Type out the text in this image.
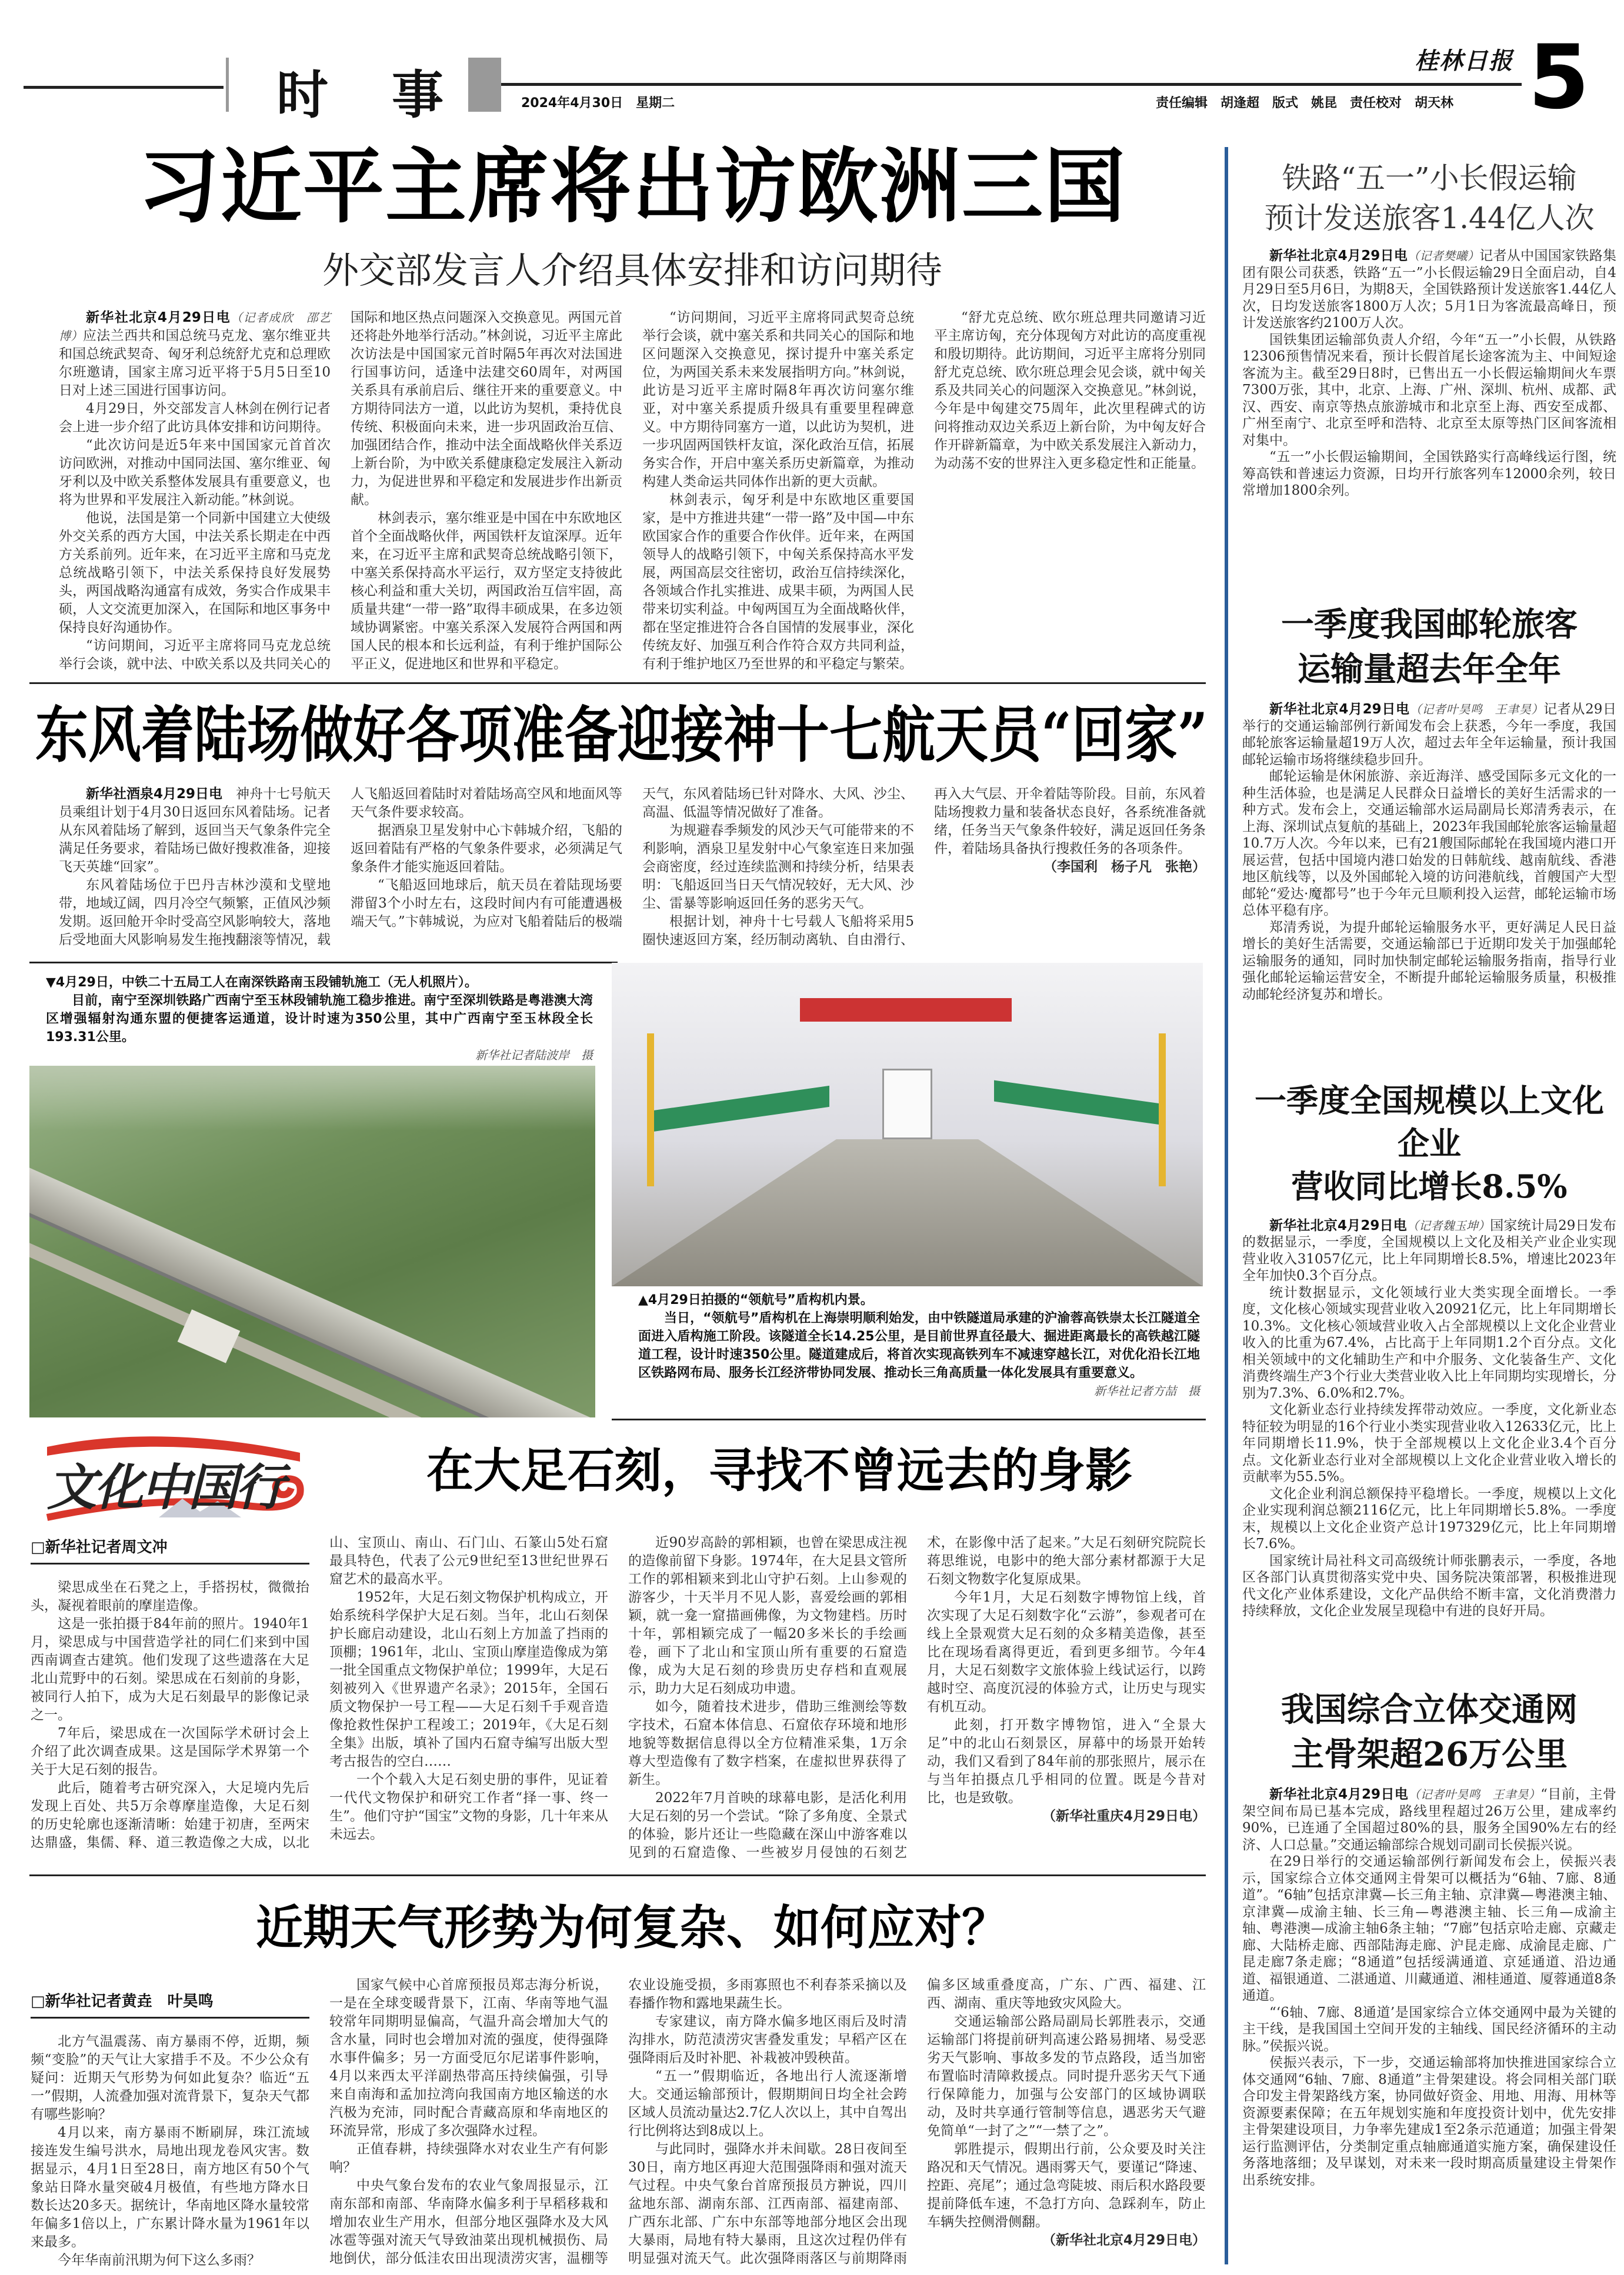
时　事	2024年4月30日　星期二	责任编辑　胡逢超　版式　姚昆　责任校对　胡天林
桂林日报 5
习近平主席将出访欧洲三国
外交部发言人介绍具体安排和访问期待

新华社北京4月29日电（记者成欣　邵艺博）应法兰西共和国总统马克龙、塞尔维亚共和国总统武契奇、匈牙利总统舒尤克和总理欧尔班邀请，国家主席习近平将于5月5日至10日对上述三国进行国事访问。

4月29日，外交部发言人林剑在例行记者会上进一步介绍了此访具体安排和访问期待。

“此次访问是近5年来中国国家元首首次访问欧洲，对推动中国同法国、塞尔维亚、匈牙利以及中欧关系整体发展具有重要意义，也将为世界和平发展注入新动能。”林剑说。

他说，法国是第一个同新中国建立大使级外交关系的西方大国，中法关系长期走在中西方关系前列。近年来，在习近平主席和马克龙总统战略引领下，中法关系保持良好发展势头，两国战略沟通富有成效，务实合作成果丰硕，人文交流更加深入，在国际和地区事务中保持良好沟通协作。

“访问期间，习近平主席将同马克龙总统举行会谈，就中法、中欧关系以及共同关心的国际和地区热点问题深入交换意见。两国元首还将赴外地举行活动。”林剑说，习近平主席此次访法是中国国家元首时隔5年再次对法国进行国事访问，适逢中法建交60周年，对两国关系具有承前启后、继往开来的重要意义。中方期待同法方一道，以此访为契机，秉持优良传统、积极面向未来，进一步巩固政治互信、加强团结合作，推动中法全面战略伙伴关系迈上新台阶，为中欧关系健康稳定发展注入新动力，为促进世界和平稳定和发展进步作出新贡献。

林剑表示，塞尔维亚是中国在中东欧地区首个全面战略伙伴，两国铁杆友谊深厚。近年来，在习近平主席和武契奇总统战略引领下，中塞关系保持高水平运行，双方坚定支持彼此核心利益和重大关切，两国政治互信牢固，高质量共建“一带一路”取得丰硕成果，在多边领域协调紧密。中塞关系深入发展符合两国和两国人民的根本和长远利益，有利于维护国际公平正义，促进地区和世界和平稳定。

“访问期间，习近平主席将同武契奇总统举行会谈，就中塞关系和共同关心的国际和地区问题深入交换意见，探讨提升中塞关系定位，为两国关系未来发展指明方向。”林剑说，此访是习近平主席时隔8年再次访问塞尔维亚，对中塞关系提质升级具有重要里程碑意义。中方期待同塞方一道，以此访为契机，进一步巩固两国铁杆友谊，深化政治互信，拓展务实合作，开启中塞关系历史新篇章，为推动构建人类命运共同体作出新的更大贡献。

林剑表示，匈牙利是中东欧地区重要国家，是中方推进共建“一带一路”及中国—中东欧国家合作的重要合作伙伴。近年来，在两国领导人的战略引领下，中匈关系保持高水平发展，两国高层交往密切，政治互信持续深化，各领域合作扎实推进、成果丰硕，为两国人民带来切实利益。中匈两国互为全面战略伙伴，都在坚定推进符合各自国情的发展事业，深化传统友好、加强互利合作符合双方共同利益，有利于维护地区乃至世界的和平稳定与繁荣。

“舒尤克总统、欧尔班总理共同邀请习近平主席访匈，充分体现匈方对此访的高度重视和殷切期待。此访期间，习近平主席将分别同舒尤克总统、欧尔班总理会见会谈，就中匈关系及共同关心的问题深入交换意见。”林剑说，今年是中匈建交75周年，此次里程碑式的访问将推动双边关系迈上新台阶，为中匈友好合作开辟新篇章，为中欧关系发展注入新动力，为动荡不安的世界注入更多稳定性和正能量。

东风着陆场做好各项准备迎接神十七航天员“回家”

新华社酒泉4月29日电　 神舟十七号航天员乘组计划于4月30日返回东风着陆场。记者从东风着陆场了解到，返回当天气象条件完全满足任务要求，着陆场已做好搜救准备，迎接飞天英雄“回家”。

东风着陆场位于巴丹吉林沙漠和戈壁地带，地域辽阔，四月冷空气频繁，正值风沙频发期。返回舱开伞时受高空风影响较大，落地后受地面大风影响易发生拖拽翻滚等情况，载人飞船返回着陆时对着陆场高空风和地面风等天气条件要求较高。

据酒泉卫星发射中心卞韩城介绍，飞船的返回着陆有严格的气象条件要求，必须满足气象条件才能实施返回着陆。

“飞船返回地球后，航天员在着陆现场要滞留3个小时左右，这段时间内有可能遭遇极端天气。”卞韩城说，为应对飞船着陆后的极端天气，东风着陆场已针对降水、大风、沙尘、高温、低温等情况做好了准备。

为规避春季频发的风沙天气可能带来的不利影响，酒泉卫星发射中心气象室连日来加强会商密度，经过连续监测和持续分析，结果表明：飞船返回当日天气情况较好，无大风、沙尘、雷暴等影响返回任务的恶劣天气。

根据计划，神舟十七号载人飞船将采用5圈快速返回方案，经历制动离轨、自由滑行、再入大气层、开伞着陆等阶段。目前，东风着陆场搜救力量和装备状态良好，各系统准备就绪，任务当天气象条件较好，满足返回任务条件，着陆场具备执行搜救任务的各项条件。

（李国利　杨子凡　张艳）

▼4月29日，中铁二十五局工人在南深铁路南玉段铺轨施工（无人机照片）。

目前，南宁至深圳铁路广西南宁至玉林段铺轨施工稳步推进。南宁至深圳铁路是粤港澳大湾区增强辐射沟通东盟的便捷客运通道，设计时速为350公里，其中广西南宁至玉林段全长193.31公里。

新华社记者陆波岸　摄

▲4月29日拍摄的“领航号”盾构机内景。

当日，“领航号”盾构机在上海崇明顺利始发，由中铁隧道局承建的沪渝蓉高铁崇太长江隧道全面进入盾构施工阶段。该隧道全长14.25公里，是目前世界直径最大、掘进距离最长的高铁越江隧道工程，设计时速350公里。隧道建成后，将首次实现高铁列车不减速穿越长江，对优化沿长江地区铁路网布局、服务长江经济带协同发展、推动长三角高质量一体化发展具有重要意义。

新华社记者方喆　摄
文化中国行	在大足石刻，寻找不曾远去的身影
□新华社记者周文冲

梁思成坐在石凳之上，手搭拐杖，微微抬头，凝视着眼前的摩崖造像。

这是一张拍摄于84年前的照片。1940年1月，梁思成与中国营造学社的同仁们来到中国西南调查古建筑。他们发现了这些遗落在大足北山荒野中的石刻。梁思成在石刻前的身影，被同行人拍下，成为大足石刻最早的影像记录之一。

7年后，梁思成在一次国际学术研讨会上介绍了此次调查成果。这是国际学术界第一个关于大足石刻的报告。

此后，随着考古研究深入，大足境内先后发现上百处、共5万余尊摩崖造像，大足石刻的历史轮廓也逐渐清晰：始建于初唐，至两宋达鼎盛，集儒、释、道三教造像之大成，以北山、宝顶山、南山、石门山、石篆山5处石窟最具特色，代表了公元9世纪至13世纪世界石窟艺术的最高水平。

1952年，大足石刻文物保护机构成立，开始系统科学保护大足石刻。当年，北山石刻保护长廊启动建设，北山石刻上方加盖了挡雨的顶棚；1961年，北山、宝顶山摩崖造像成为第一批全国重点文物保护单位；1999年，大足石刻被列入《世界遗产名录》；2015年，全国石质文物保护一号工程——大足石刻千手观音造像抢救性保护工程竣工；2019年，《大足石刻全集》出版，填补了国内石窟寺编写出版大型考古报告的空白……

一个个载入大足石刻史册的事件，见证着一代代文物保护和研究工作者“择一事、终一生”。他们守护“国宝”文物的身影，几十年来从未远去。

近90岁高龄的郭相颖，也曾在梁思成注视的造像前留下身影。1974年，在大足县文管所工作的郭相颖来到北山守护石刻。上山参观的游客少，十天半月不见人影，喜爱绘画的郭相颖，就一龛一窟描画佛像，为文物建档。历时十年，郭相颖完成了一幅20多米长的手绘画卷，画下了北山和宝顶山所有重要的石窟造像，成为大足石刻的珍贵历史存档和直观展示，助力大足石刻成功申遗。

如今，随着技术进步，借助三维测绘等数字技术，石窟本体信息、石窟依存环境和地形地貌等数据信息得以全方位精准采集，1万余尊大型造像有了数字档案，在虚拟世界获得了新生。

2022年7月首映的球幕电影，是活化利用大足石刻的另一个尝试。“除了多角度、全景式的体验，影片还让一些隐藏在深山中游客难以见到的石窟造像、一些被岁月侵蚀的石刻艺术，在影像中活了起来。”大足石刻研究院院长蒋思维说，电影中的绝大部分素材都源于大足石刻文物数字化复原成果。

今年1月，大足石刻数字博物馆上线，首次实现了大足石刻数字化“云游”，参观者可在线上全景观赏大足石刻的众多精美造像，甚至比在现场看离得更近，看到更多细节。今年4月，大足石刻数字文旅体验上线试运行，以跨越时空、高度沉浸的体验方式，让历史与现实有机互动。

此刻，打开数字博物馆，进入“全景大足”中的北山石刻景区，屏幕中的场景开始转动，我们又看到了84年前的那张照片，展示在与当年拍摄点几乎相同的位置。既是今昔对比，也是致敬。

（新华社重庆4月29日电）

近期天气形势为何复杂、如何应对？
□新华社记者黄垚　叶昊鸣

北方气温震荡、南方暴雨不停，近期，频频“变脸”的天气让大家措手不及。不少公众有疑问：近期天气形势为何如此复杂？临近“五一”假期，人流叠加强对流背景下，复杂天气都有哪些影响？

4月以来，南方暴雨不断刷屏，珠江流域接连发生编号洪水，局地出现龙卷风灾害。数据显示，4月1日至28日，南方地区有50个气象站日降水量突破4月极值，有些地方降水日数长达20多天。据统计，华南地区降水量较常年偏多1倍以上，广东累计降水量为1961年以来最多。

今年华南前汛期为何下这么多雨？

国家气候中心首席预报员郑志海分析说，一是在全球变暖背景下，江南、华南等地气温较常年同期明显偏高，气温升高会增加大气的含水量，同时也会增加对流的强度，使得强降水事件偏多；另一方面受厄尔尼诺事件影响，4月以来西太平洋副热带高压持续偏强，引导来自南海和孟加拉湾向我国南方地区输送的水汽极为充沛，同时配合青藏高原和华南地区的环流异常，形成了多次强降水过程。

正值春耕，持续强降水对农业生产有何影响？

中央气象台发布的农业气象周报显示，江南东部和南部、华南降水偏多利于早稻移栽和增加农业生产用水，但部分地区强降水及大风冰雹等强对流天气导致油菜出现机械损伤、局地倒伏，部分低洼农田出现渍涝灾害，温棚等农业设施受损，多雨寡照也不利春茶采摘以及春播作物和露地果蔬生长。

专家建议，南方降水偏多地区雨后及时清沟排水，防范渍涝灾害叠发重发；早稻产区在强降雨后及时补肥、补栽被冲毁秧苗。

“五一”假期临近，各地出行人流逐渐增大。交通运输部预计，假期期间日均全社会跨区域人员流动量达2.7亿人次以上，其中自驾出行比例将达到8成以上。

与此同时，强降水并未间歇。28日夜间至30日，南方地区再迎大范围强降雨和强对流天气过程。中央气象台首席预报员方翀说，四川盆地东部、湖南东部、江西南部、福建南部、广西东北部、广东中东部等地部分地区会出现大暴雨，局地有特大暴雨，且这次过程仍伴有明显强对流天气。此次强降雨落区与前期降雨偏多区域重叠度高，广东、广西、福建、江西、湖南、重庆等地致灾风险大。

交通运输部公路局副局长郭胜表示，交通运输部门将提前研判高速公路易拥堵、易受恶劣天气影响、事故多发的节点路段，适当加密布置临时清障救援点。同时提升恶劣天气下通行保障能力，加强与公安部门的区域协调联动，及时共享通行管制等信息，遇恶劣天气避免简单“一封了之”“一禁了之”。

郭胜提示，假期出行前，公众要及时关注路况和天气情况。遇雨雾天气，要谨记“降速、控距、亮尾”；通过急弯陡坡、雨后积水路段要提前降低车速，不急打方向、急踩刹车，防止车辆失控侧滑侧翻。

（新华社北京4月29日电）

铁路“五一”小长假运输
预计发送旅客1.44亿人次

新华社北京4月29日电（记者樊曦）记者从中国国家铁路集团有限公司获悉，铁路“五一”小长假运输29日全面启动，自4月29日至5月6日，为期8天，全国铁路预计发送旅客1.44亿人次，日均发送旅客1800万人次；5月1日为客流最高峰日，预计发送旅客约2100万人次。

国铁集团运输部负责人介绍，今年“五一”小长假，从铁路12306预售情况来看，预计长假首尾长途客流为主、中间短途客流为主。截至29日8时，已售出五一小长假运输期间火车票7300万张，其中，北京、上海、广州、深圳、杭州、成都、武汉、西安、南京等热点旅游城市和北京至上海、西安至成都、广州至南宁、北京至呼和浩特、北京至太原等热门区间客流相对集中。

“五一”小长假运输期间，全国铁路实行高峰线运行图，统筹高铁和普速运力资源，日均开行旅客列车12000余列，较日常增加1800余列。

一季度我国邮轮旅客
运输量超去年全年

新华社北京4月29日电（记者叶昊鸣　王聿昊）记者从29日举行的交通运输部例行新闻发布会上获悉，今年一季度，我国邮轮旅客运输量超19万人次，超过去年全年运输量，预计我国邮轮运输市场将继续稳步回升。

邮轮运输是休闲旅游、亲近海洋、感受国际多元文化的一种生活体验，也是满足人民群众日益增长的美好生活需求的一种方式。发布会上，交通运输部水运局副局长郑清秀表示，在上海、深圳试点复航的基础上，2023年我国邮轮旅客运输量超10.7万人次。今年以来，已有21艘国际邮轮在我国境内港口开展运营，包括中国境内港口始发的日韩航线、越南航线、香港地区航线等，以及外国邮轮入境的访问港航线，首艘国产大型邮轮“爱达·魔都号”也于今年元旦顺利投入运营，邮轮运输市场总体平稳有序。

郑清秀说，为提升邮轮运输服务水平，更好满足人民日益增长的美好生活需要，交通运输部已于近期印发关于加强邮轮运输服务的通知，同时加快制定邮轮运输服务指南，指导行业强化邮轮运输运营安全，不断提升邮轮运输服务质量，积极推动邮轮经济复苏和增长。

一季度全国规模以上文化企业
营收同比增长8.5%

新华社北京4月29日电（记者魏玉坤）国家统计局29日发布的数据显示，一季度，全国规模以上文化及相关产业企业实现营业收入31057亿元，比上年同期增长8.5%，增速比2023年全年加快0.3个百分点。

统计数据显示，文化领域行业大类实现全面增长。一季度，文化核心领域实现营业收入20921亿元，比上年同期增长10.3%。文化核心领域营业收入占全部规模以上文化企业营业收入的比重为67.4%，占比高于上年同期1.2个百分点。文化相关领域中的文化辅助生产和中介服务、文化装备生产、文化消费终端生产3个行业大类营业收入比上年同期均实现增长，分别为7.3%、6.0%和2.7%。

文化新业态行业持续发挥带动效应。一季度，文化新业态特征较为明显的16个行业小类实现营业收入12633亿元，比上年同期增长11.9%，快于全部规模以上文化企业3.4个百分点。文化新业态行业对全部规模以上文化企业营业收入增长的贡献率为55.5%。

文化企业利润总额保持平稳增长。一季度，规模以上文化企业实现利润总额2116亿元，比上年同期增长5.8%。一季度末，规模以上文化企业资产总计197329亿元，比上年同期增长7.6%。

国家统计局社科文司高级统计师张鹏表示，一季度，各地区各部门认真贯彻落实党中央、国务院决策部署，积极推进现代文化产业体系建设，文化产品供给不断丰富，文化消费潜力持续释放，文化企业发展呈现稳中有进的良好开局。

我国综合立体交通网
主骨架超26万公里

新华社北京4月29日电（记者叶昊鸣　王聿昊）“目前，主骨架空间布局已基本完成，路线里程超过26万公里，建成率约90%，已连通了全国超过80%的县，服务全国90%左右的经济、人口总量。”交通运输部综合规划司副司长侯振兴说。

在29日举行的交通运输部例行新闻发布会上，侯振兴表示，国家综合立体交通网主骨架可以概括为“6轴、7廊、8通道”。“6轴”包括京津冀—长三角主轴、京津冀—粤港澳主轴、京津冀—成渝主轴、长三角—粤港澳主轴、长三角—成渝主轴、粤港澳—成渝主轴6条主轴；“7廊”包括京哈走廊、京藏走廊、大陆桥走廊、西部陆海走廊、沪昆走廊、成渝昆走廊、广昆走廊7条走廊；“8通道”包括绥满通道、京延通道、沿边通道、福银通道、二湛通道、川藏通道、湘桂通道、厦蓉通道8条通道。

“‘6轴、7廊、8通道’是国家综合立体交通网中最为关键的主干线，是我国国土空间开发的主轴线、国民经济循环的主动脉。”侯振兴说。

侯振兴表示，下一步，交通运输部将加快推进国家综合立体交通网“6轴、7廊、8通道”主骨架建设。将会同相关部门联合印发主骨架路线方案，协同做好资金、用地、用海、用林等资源要素保障；在五年规划实施和年度投资计划中，优先安排主骨架建设项目，力争率先建成1至2条示范通道；加强主骨架运行监测评估，分类制定重点轴廊通道实施方案，确保建设任务落地落细；及早谋划，对未来一段时期高质量建设主骨架作出系统安排。
